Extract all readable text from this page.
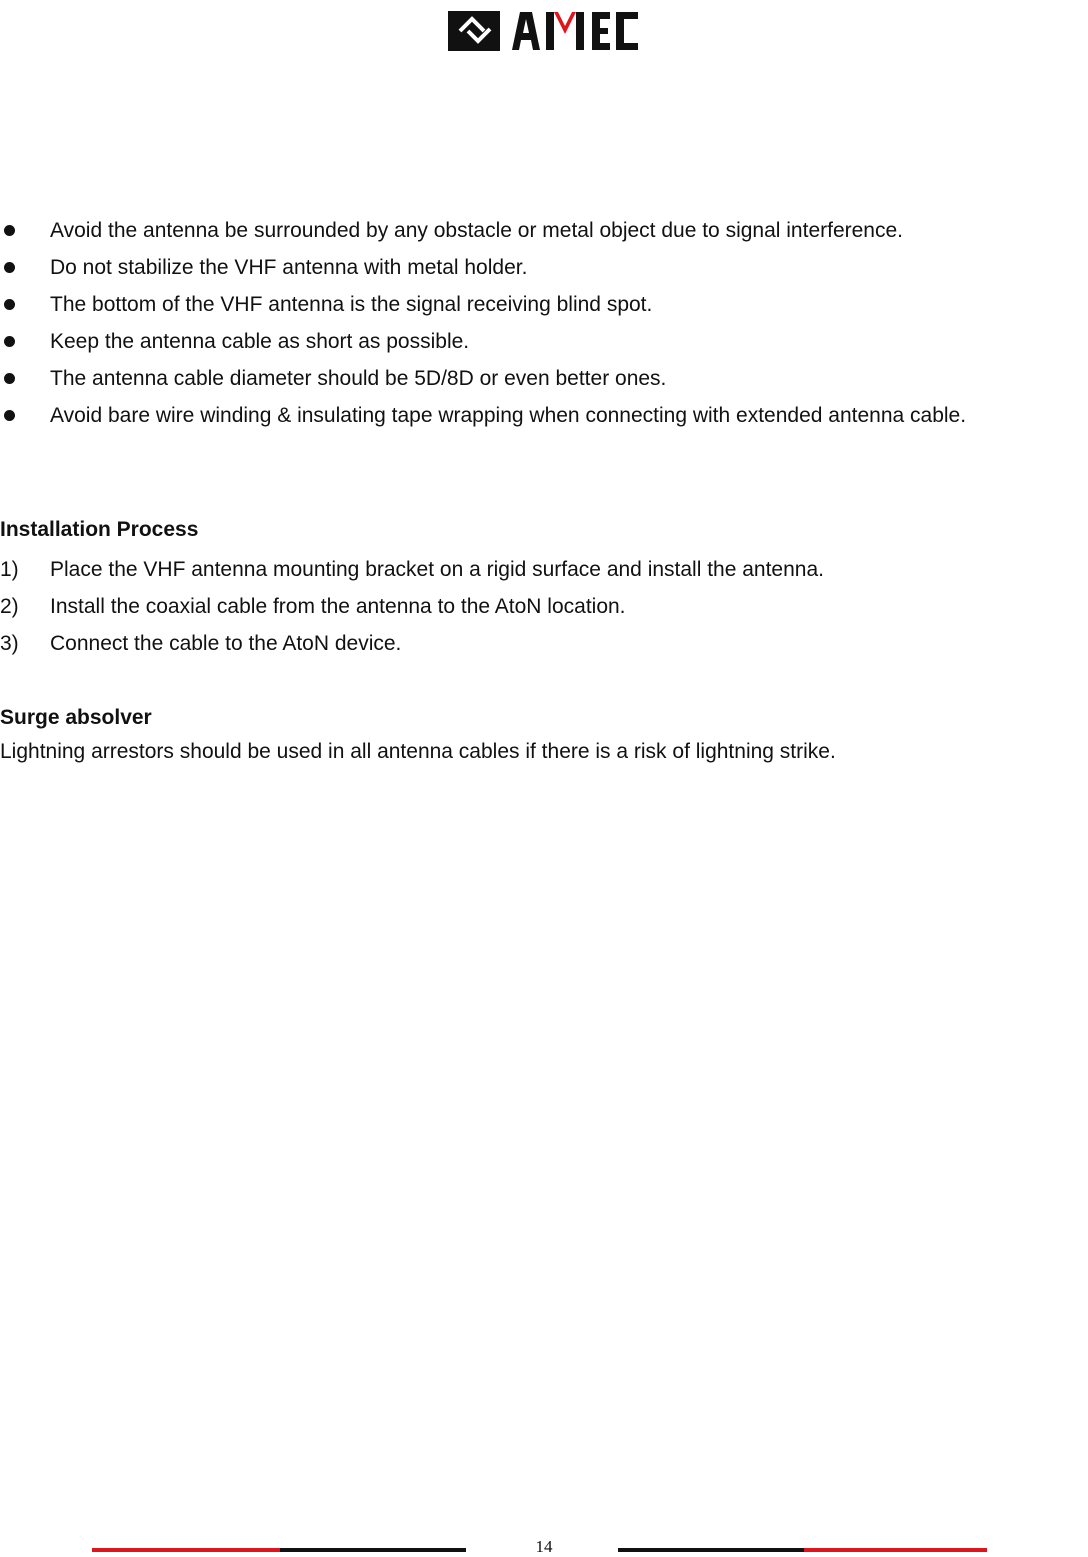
Avoid the antenna be surrounded by any obstacle or metal object due to signal interference.
Do not stabilize the VHF antenna with metal holder.
The bottom of the VHF antenna is the signal receiving blind spot.
Keep the antenna cable as short as possible.
The antenna cable diameter should be 5D/8D or even better ones.
Avoid bare wire winding & insulating tape wrapping when connecting with extended antenna cable.
Installation Process
1) Place the VHF antenna mounting bracket on a rigid surface and install the antenna.
2) Install the coaxial cable from the antenna to the AtoN location.
3) Connect the cable to the AtoN device.
Surge absolver

Lightning arrestors should be used in all antenna cables if there is a risk of lightning strike.

14
